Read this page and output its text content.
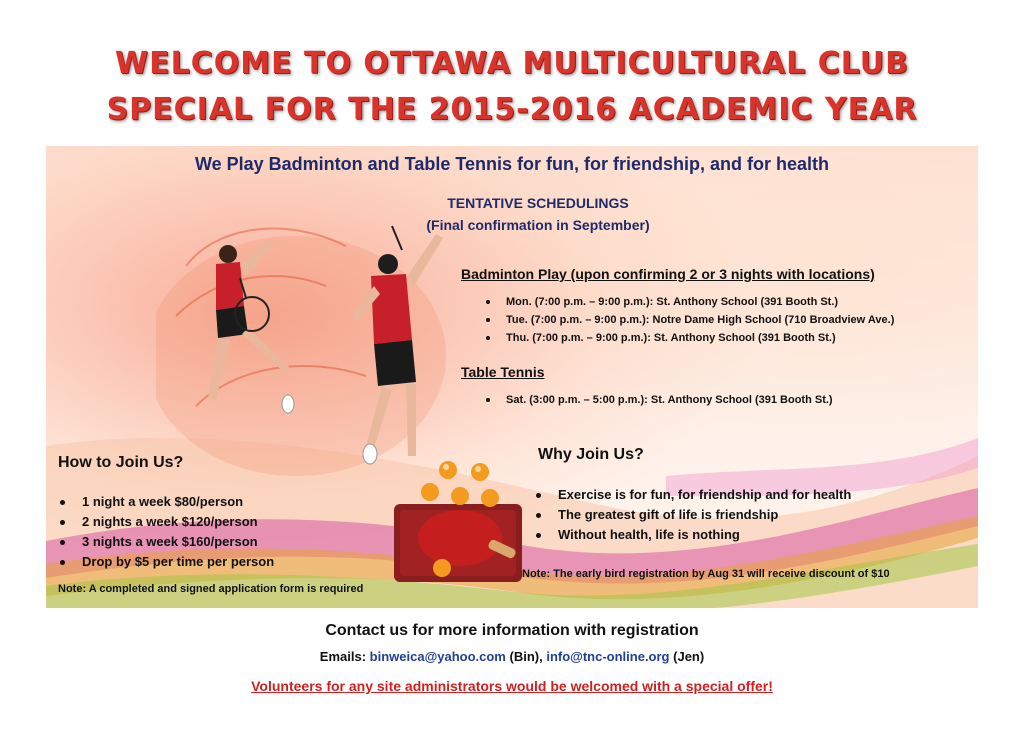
WELCOME TO OTTAWA MULTICULTURAL CLUB
SPECIAL FOR THE 2015-2016 ACADEMIC YEAR
We Play Badminton and Table Tennis for fun, for friendship, and for health
TENTATIVE SCHEDULINGS
(Final confirmation in September)
Badminton Play (upon confirming 2 or 3 nights with locations)
Mon. (7:00 p.m. – 9:00 p.m.): St. Anthony School (391 Booth St.)
Tue. (7:00 p.m. – 9:00 p.m.): Notre Dame High School (710 Broadview Ave.)
Thu. (7:00 p.m. – 9:00 p.m.): St. Anthony School (391 Booth St.)
Table Tennis
Sat. (3:00 p.m. – 5:00 p.m.): St. Anthony School (391 Booth St.)
How to Join Us?
1 night a week $80/person
2 nights a week $120/person
3 nights a week $160/person
Drop by $5 per time per person
Note: A completed and signed application form is required
Why Join Us?
Exercise is for fun, for friendship and for health
The greatest gift of life is friendship
Without health, life is nothing
Note: The early bird registration by Aug 31 will receive discount of $10
Contact us for more information with registration
Emails: binweica@yahoo.com (Bin), info@tnc-online.org (Jen)
Volunteers for any site administrators would be welcomed with a special offer!
